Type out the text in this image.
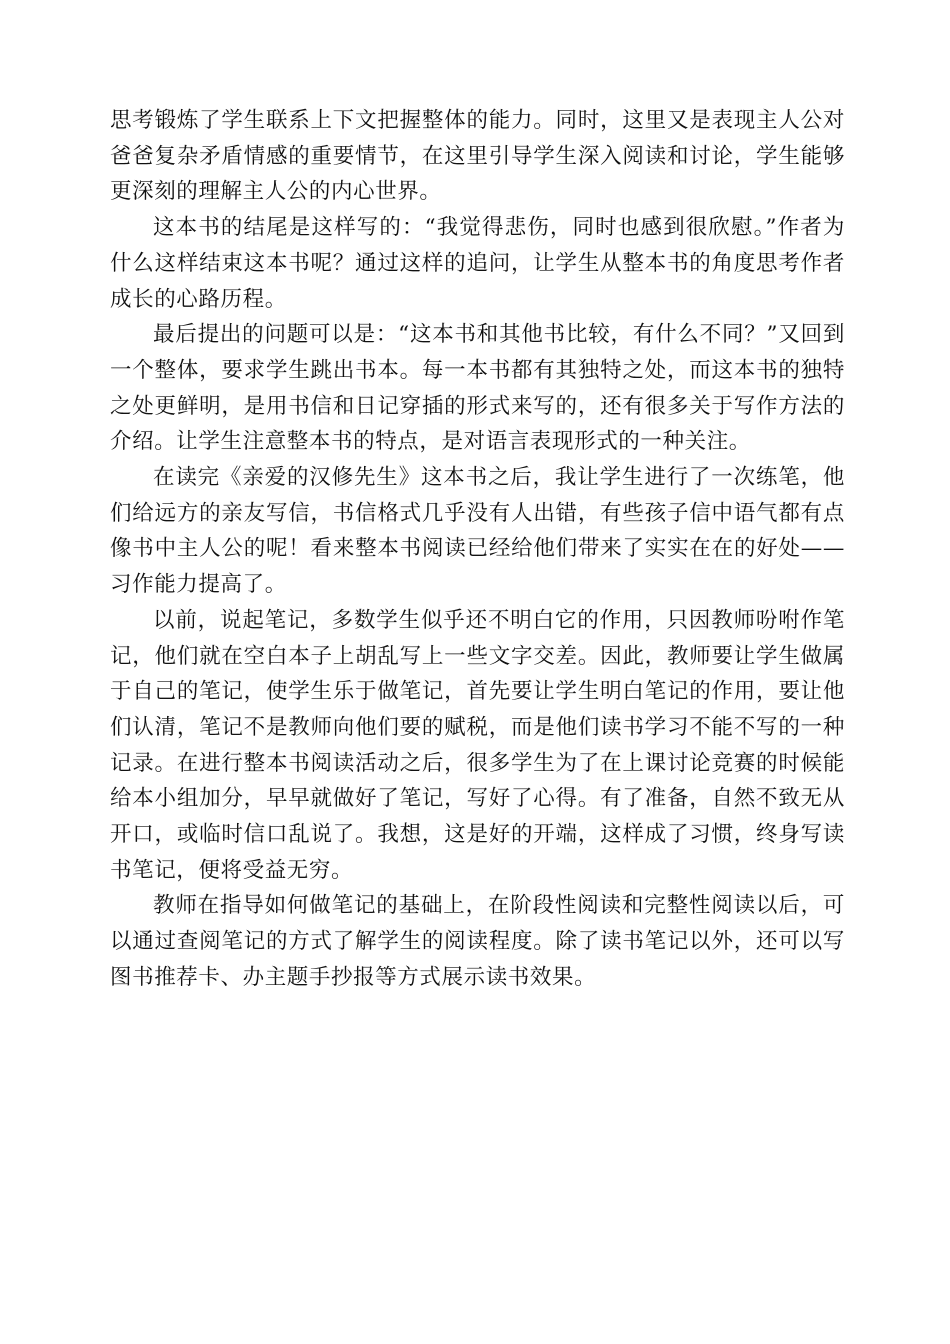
思考锻炼了学生联系上下文把握整体的能力。同时，这里又是表现主人公对爸爸复杂矛盾情感的重要情节，在这里引导学生深入阅读和讨论，学生能够更深刻的理解主人公的内心世界。

这本书的结尾是这样写的：“我觉得悲伤，同时也感到很欣慰。”作者为什么这样结束这本书呢？通过这样的追问，让学生从整本书的角度思考作者成长的心路历程。

最后提出的问题可以是：“这本书和其他书比较，有什么不同？”又回到一个整体，要求学生跳出书本。每一本书都有其独特之处，而这本书的独特之处更鲜明，是用书信和日记穿插的形式来写的，还有很多关于写作方法的介绍。让学生注意整本书的特点，是对语言表现形式的一种关注。

在读完《亲爱的汉修先生》这本书之后，我让学生进行了一次练笔，他们给远方的亲友写信，书信格式几乎没有人出错，有些孩子信中语气都有点像书中主人公的呢！看来整本书阅读已经给他们带来了实实在在的好处——习作能力提高了。

以前，说起笔记，多数学生似乎还不明白它的作用，只因教师吩咐作笔记，他们就在空白本子上胡乱写上一些文字交差。因此，教师要让学生做属于自己的笔记，使学生乐于做笔记，首先要让学生明白笔记的作用，要让他们认清，笔记不是教师向他们要的赋税，而是他们读书学习不能不写的一种记录。在进行整本书阅读活动之后，很多学生为了在上课讨论竞赛的时候能给本小组加分，早早就做好了笔记，写好了心得。有了准备，自然不致无从开口，或临时信口乱说了。我想，这是好的开端，这样成了习惯，终身写读书笔记，便将受益无穷。

教师在指导如何做笔记的基础上，在阶段性阅读和完整性阅读以后，可以通过查阅笔记的方式了解学生的阅读程度。除了读书笔记以外，还可以写图书推荐卡、办主题手抄报等方式展示读书效果。
